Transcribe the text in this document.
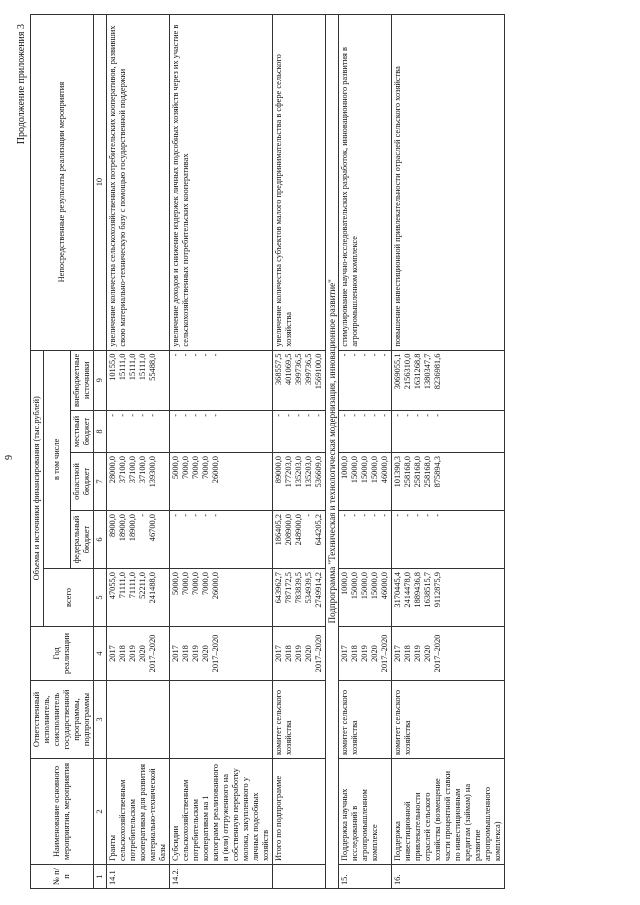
Продолжение приложения 3
№ п/п	Наименование основного мероприятия, мероприятия	Ответственный исполнитель, соисполнитель государственной программы, подпрограммы	Год реализации	Объемы и источники финансирования (тыс.рублей)					Непосредственные результаты реализации мероприятия
				всего	в том числе				
					федеральный бюджет	областной бюджет	местный бюджет	внебюджетные источники	
1	2	3	4	5	6	7	8	9	10
14.1	Гранты сельскохозяйственным потребительским кооперативам для развития материально-технической базы		2017
2018
2019
2020
2017–2020	47055,0
71111,0
71111,0
52211,0
241488,0	8900,0
18900,0
18900,0
-
46700,0	28000,0
37100,0
37100,0
37100,0
139300,0	-
-
-
-
-	10155,0
15111,0
15111,0
15111,0
55488,0	увеличение количества сельскохозяйственных потребительских кооперативов, развивших свою материально-техническую базу с помощью государственной поддержки
14.2.	Субсидии сельскохозяйственным потребительским кооперативам на 1 килограмм реализованного и (или) отгруженного на собственную переработку молока, закупленного у личных подсобных хозяйств		2017
2018
2019
2020
2017–2020	5000,0
7000,0
7000,0
7000,0
26000,0	-
-
-
-
-	5000,0
7000,0
7000,0
7000,0
26000,0	-
-
-
-
-	-
-
-
-
-	увеличение доходов и снижение издержек личных подсобных хозяйств через их участие в сельскохозяйственных потребительских кооперативах
	Итого по подпрограмме	комитет сельского хозяйства	2017
2018
2019
2020
2017–2020	643962,7
787172,5
783839,5
534939,5
2749914,2	186405,2
208900,0
248900,0
-
644205,2	89000,0
177203,0
135203,0
135203,0
536609,0	-
-
-
-
-	368557,5
401069,5
399736,5
399736,5
1569100,0	увеличение количества субъектов малого предпринимательства в сфере сельского хозяйства
Подпрограмма "Техническая и технологическая модернизация, инновационное развитие"									
15.	Поддержка научных исследований в агропромышленном комплексе	комитет сельского хозяйства	2017
2018
2019
2020
2017–2020	1000,0
15000,0
15000,0
15000,0
46000,0	-
-
-
-
-	1000,0
15000,0
15000,0
15000,0
46000,0	-
-
-
-
-	-
-
-
-
-	стимулирование научно-исследовательских разработок, инновационного развития в агропромышленном комплексе
16.	Поддержка инвестиционной привлекательности отраслей сельского хозяйства (возмещение части процентной ставки по инвестиционным кредитам (займам) на развитие агропромышленного комплекса)	комитет сельского хозяйства	2017
2018
2019
2020
2017–2020	3170445,4
2414478,0
1889436,8
1638515,7
9112875,9	-
-
-
-
-	101390,3
258168,0
258168,0
258168,0
875894,3	-
-
-
-
-	3069055,1
2156310,0
1631268,8
1380347,7
8236981,6	повышение инвестиционной привлекательности отраслей сельского хозяйства
9
